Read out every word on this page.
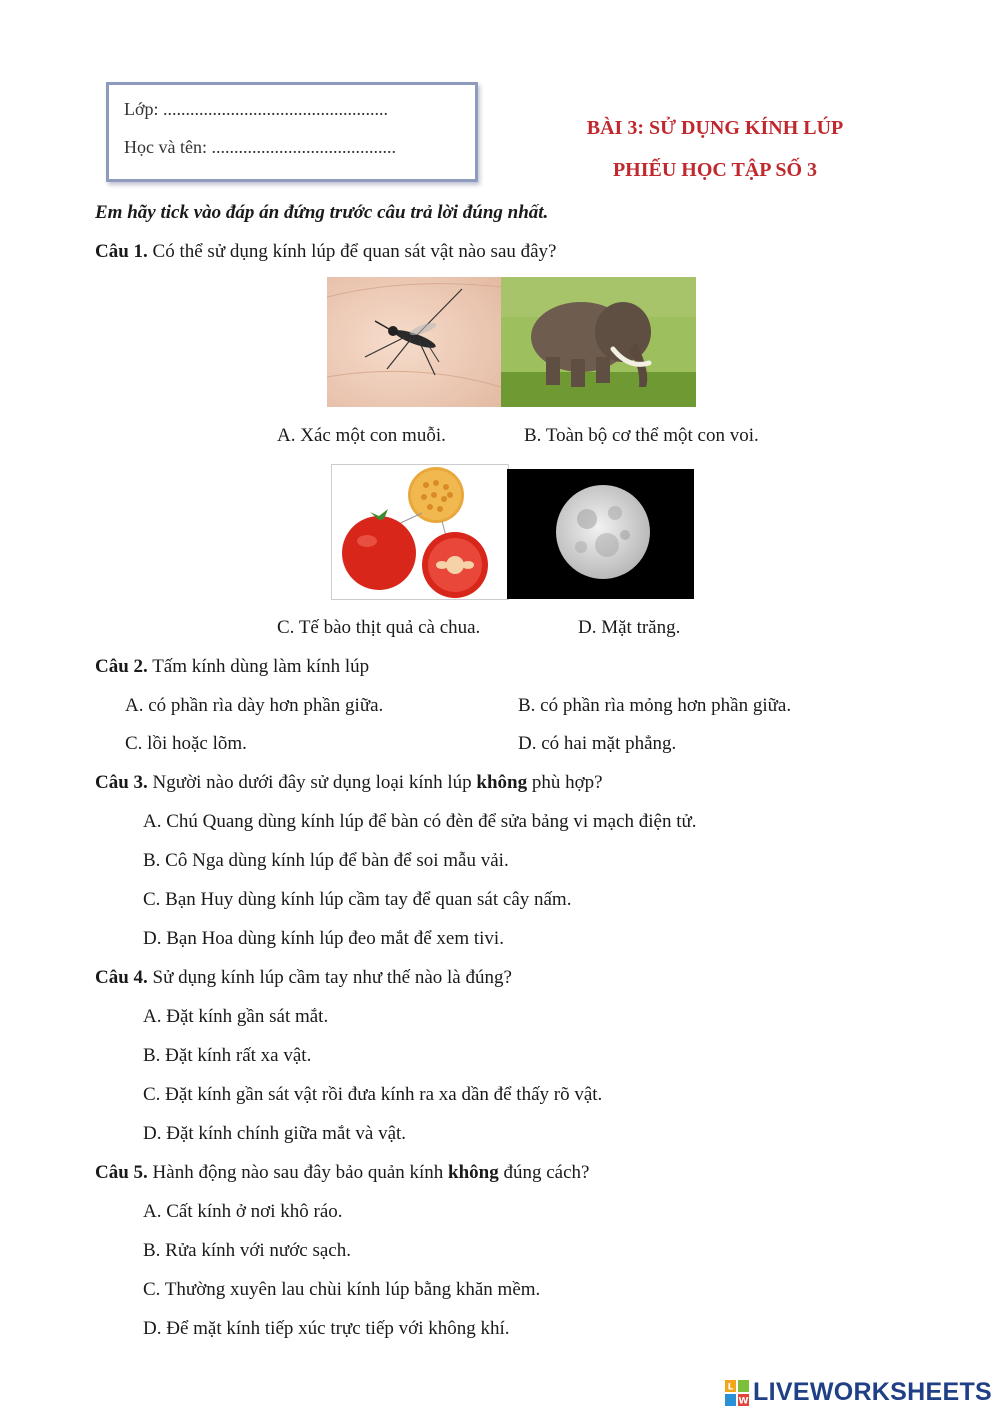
Lớp: ..................................................
Học và tên: .........................................
BÀI 3: SỬ DỤNG KÍNH LÚP
PHIẾU HỌC TẬP SỐ 3
Em hãy tick vào đáp án đứng trước câu trả lời đúng nhất.
Câu 1. Có thể sử dụng kính lúp để quan sát vật nào sau đây?
A. Xác một con muỗi.	B. Toàn bộ cơ thể một con voi.
C. Tế bào thịt quả cà chua.	D. Mặt trăng.
Câu 2. Tấm kính dùng làm kính lúp
A. có phần rìa dày hơn phần giữa.	B. có phần rìa mỏng hơn phần giữa.
C. lồi hoặc lõm.	D. có hai mặt phẳng.
Câu 3. Người nào dưới đây sử dụng loại kính lúp không phù hợp?
A. Chú Quang dùng kính lúp để bàn có đèn để sửa bảng vi mạch điện tử.
B. Cô Nga dùng kính lúp để bàn để soi mẫu vải.
C. Bạn Huy dùng kính lúp cầm tay để quan sát cây nấm.
D. Bạn Hoa dùng kính lúp đeo mắt để xem tivi.
Câu 4. Sử dụng kính lúp cầm tay như thế nào là đúng?
A. Đặt kính gần sát mắt.
B. Đặt kính rất xa vật.
C. Đặt kính gần sát vật rồi đưa kính ra xa dần để thấy rõ vật.
D. Đặt kính chính giữa mắt và vật.
Câu 5. Hành động nào sau đây bảo quản kính không đúng cách?
A. Cất kính ở nơi khô ráo.
B. Rửa kính với nước sạch.
C. Thường xuyên lau chùi kính lúp bằng khăn mềm.
D. Để mặt kính tiếp xúc trực tiếp với không khí.
L
W LIVEWORKSHEETS
